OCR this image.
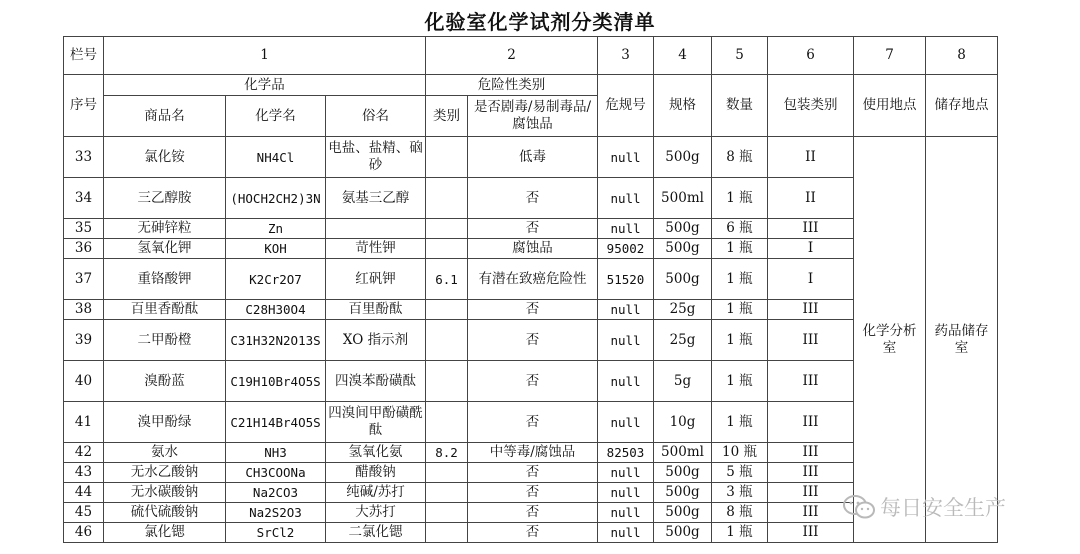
化验室化学试剂分类清单
栏号	1			2		3	4	5	6	7	8
序号	化学品			危险性类别		危规号	规格	数量	包装类别	使用地点	储存地点
	商品名	化学名	俗名	类别	是否剧毒/易制毒品/腐蚀品						
33	氯化铵	NH4Cl	电盐、盐精、硇砂		低毒	null	500g	8 瓶	II	化学分析室	药品储存室
34	三乙醇胺	(HOCH2CH2)3N	氨基三乙醇		否	null	500ml	1 瓶	II		
35	无砷锌粒	Zn			否	null	500g	6 瓶	III		
36	氢氧化钾	KOH	苛性钾		腐蚀品	95002	500g	1 瓶	I		
37	重铬酸钾	K2Cr2O7	红矾钾	6.1	有潜在致癌危险性	51520	500g	1 瓶	I		
38	百里香酚酞	C28H30O4	百里酚酞		否	null	25g	1 瓶	III		
39	二甲酚橙	C31H32N2O13S	XO 指示剂		否	null	25g	1 瓶	III		
40	溴酚蓝	C19H10Br4O5S	四溴苯酚磺酞		否	null	5g	1 瓶	III		
41	溴甲酚绿	C21H14Br4O5S	四溴间甲酚磺酰酞		否	null	10g	1 瓶	III		
42	氨水	NH3	氢氧化氨	8.2	中等毒/腐蚀品	82503	500ml	10 瓶	III		
43	无水乙酸钠	CH3COONa	醋酸钠		否	null	500g	5 瓶	III		
44	无水碳酸钠	Na2CO3	纯碱/苏打		否	null	500g	3 瓶	III		
45	硫代硫酸钠	Na2S2O3	大苏打		否	null	500g	8 瓶	III		
46	氯化锶	SrCl2	二氯化锶		否	null	500g	1 瓶	III		
每日安全生产
